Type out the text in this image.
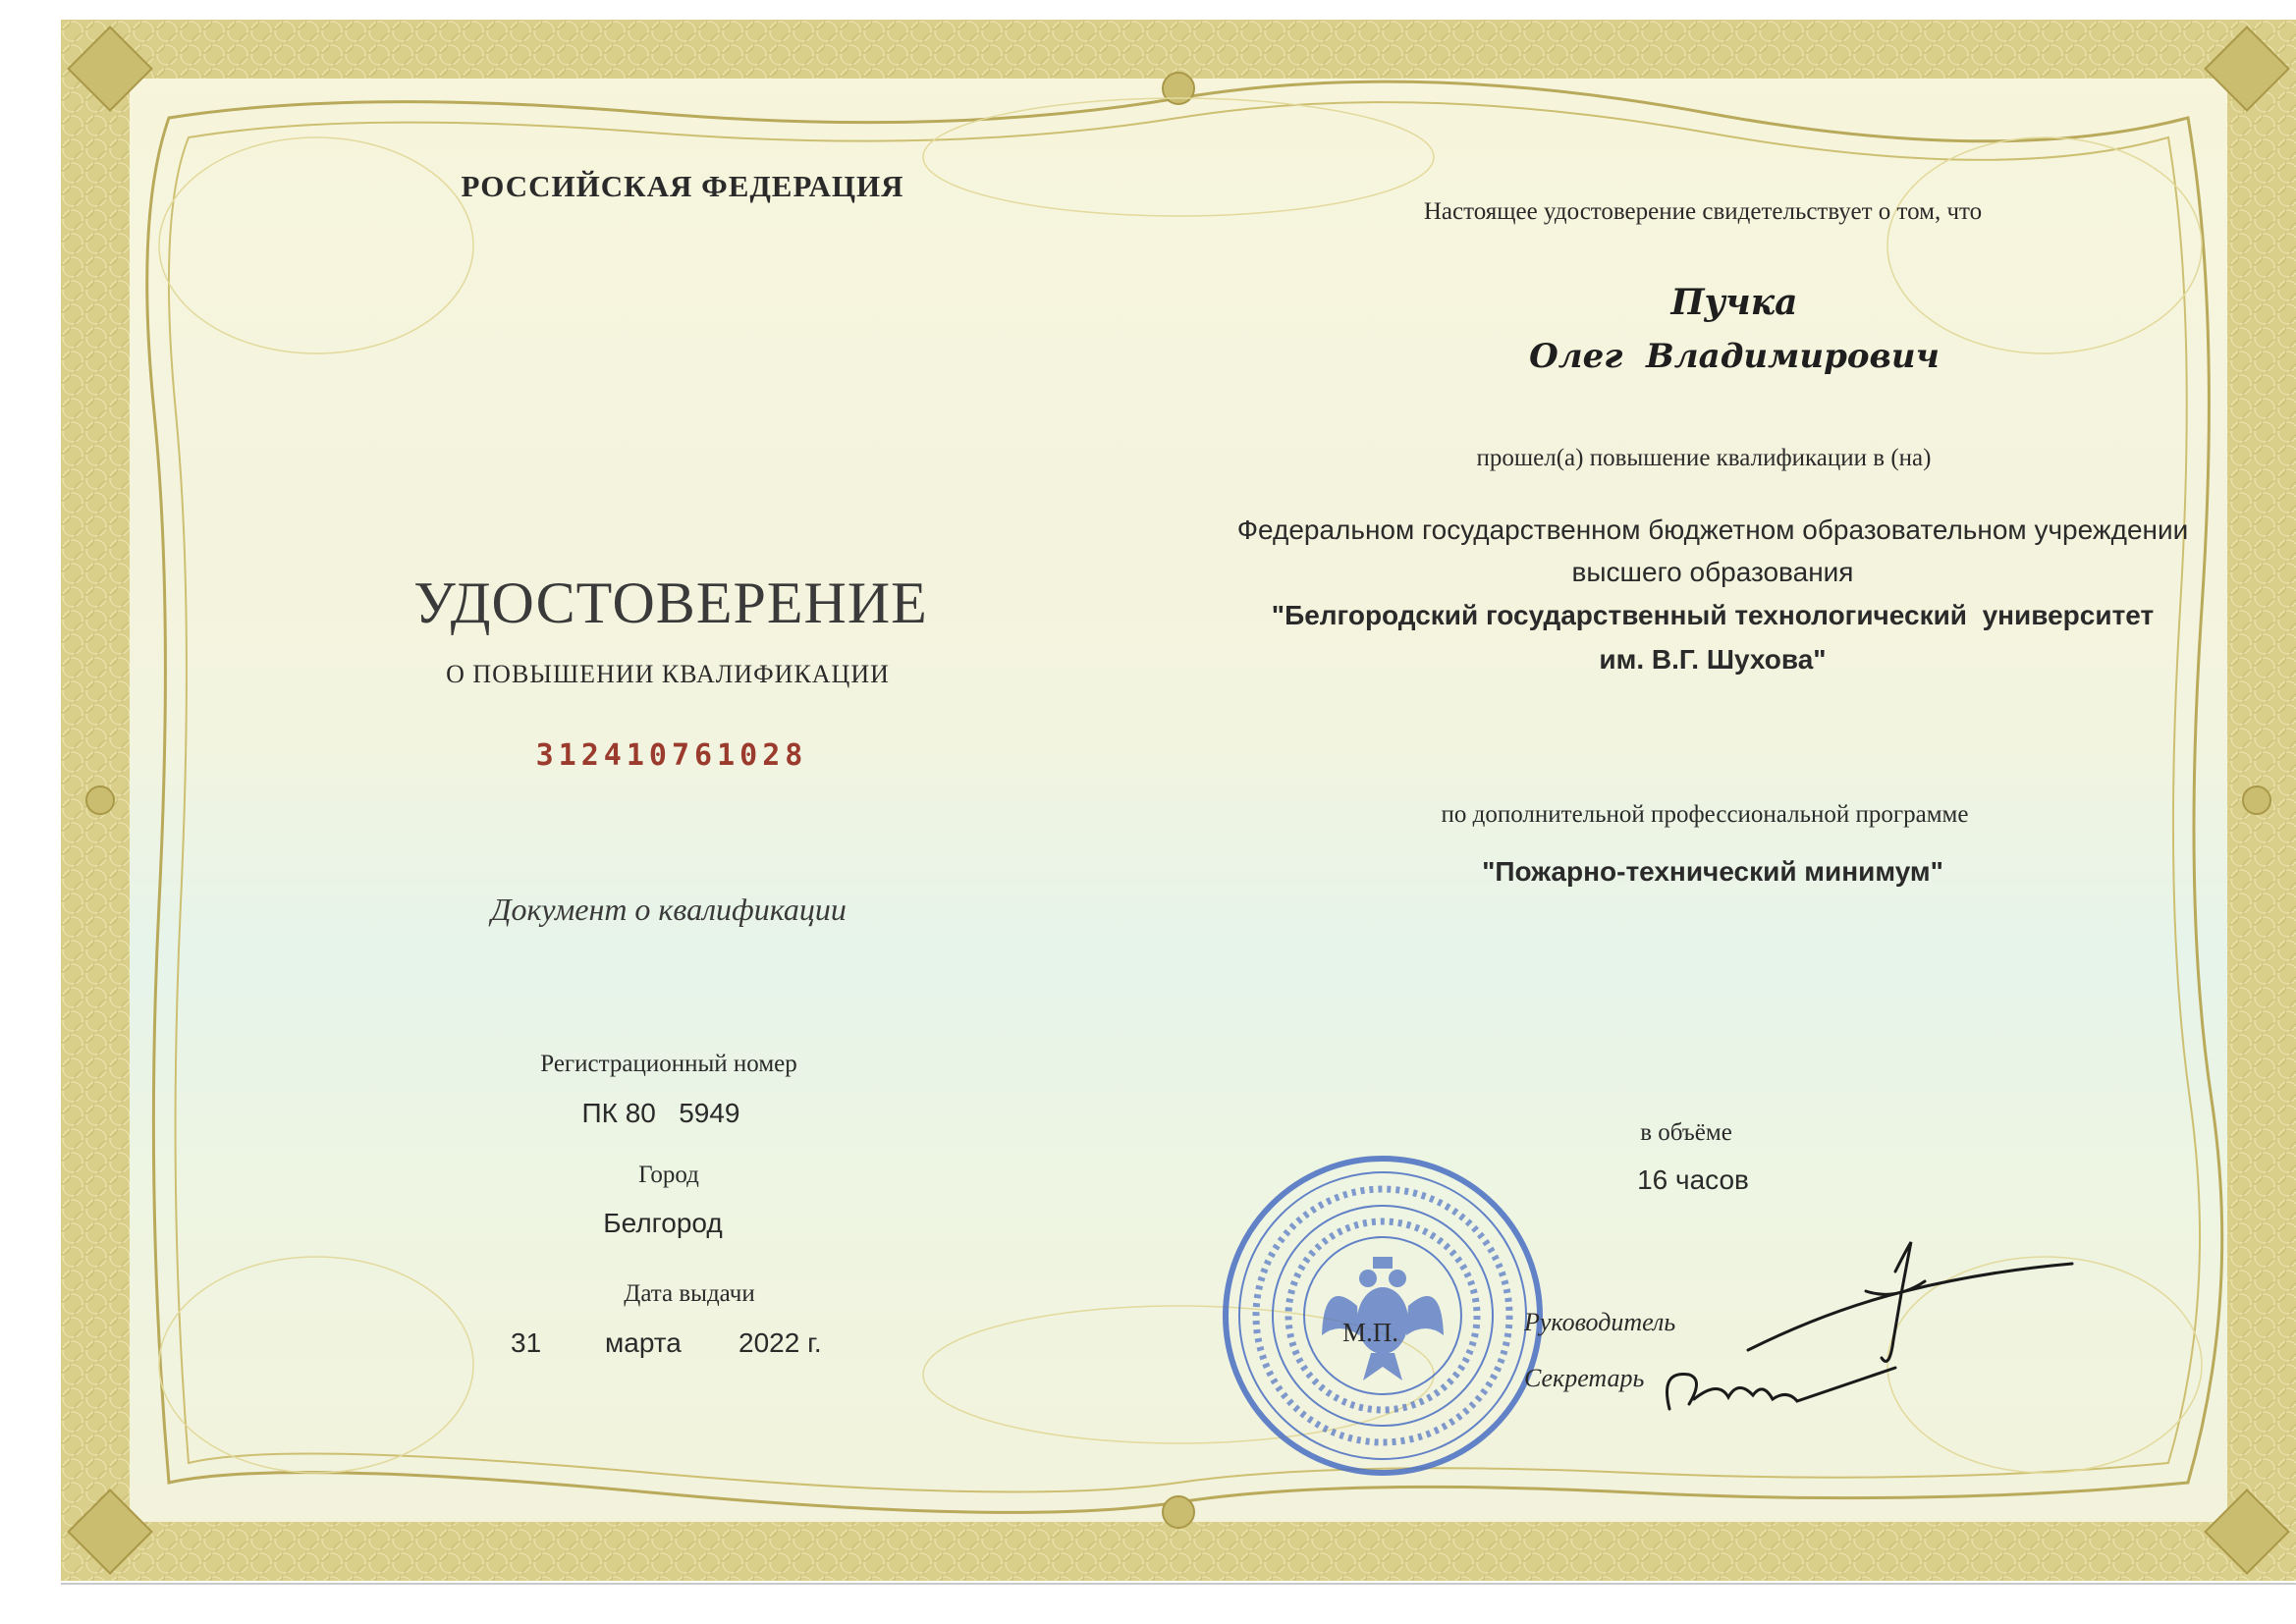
РОССИЙСКАЯ ФЕДЕРАЦИЯ
УДОСТОВЕРЕНИЕ
О ПОВЫШЕНИИ КВАЛИФИКАЦИИ
312410761028
Документ о квалификации
Регистрационный номер
ПК 80   5949
Город
Белгород
Дата выдачи
31 марта 2022 г.
Настоящее удостоверение свидетельствует о том, что
Пучка
Олег  Владимирович
прошел(а) повышение квалификации в (на)
Федеральном государственном бюджетном образовательном учреждении
высшего образования
"Белгородский государственный технологический  университет
им. В.Г. Шухова"
по дополнительной профессиональной программе
"Пожарно-технический минимум"
в объёме
16 часов
М.П.	Руководитель
Секретарь
